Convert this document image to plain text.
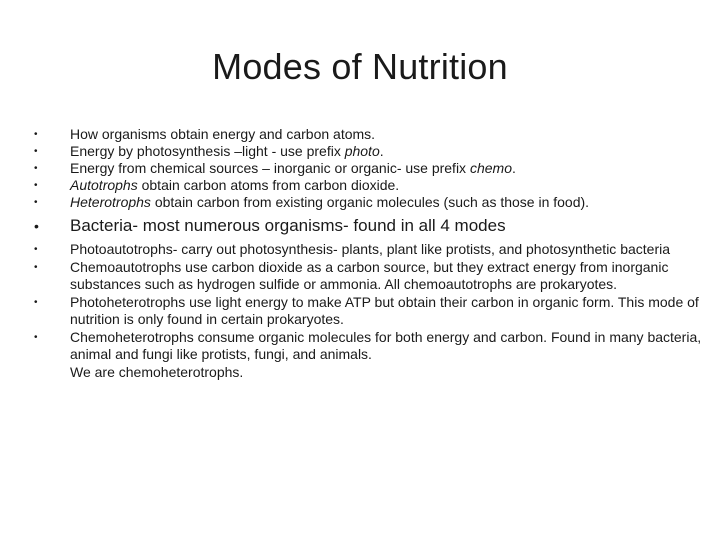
Modes of Nutrition

•	How organisms obtain energy and carbon atoms.

•	Energy by photosynthesis –light - use prefix photo.

•	Energy from chemical sources – inorganic or organic- use prefix chemo.

•	Autotrophs obtain carbon atoms from carbon dioxide.

•	Heterotrophs obtain carbon from existing organic molecules (such as those in food).

•	Bacteria- most numerous organisms- found in all 4 modes

•	Photoautotrophs- carry out photosynthesis- plants, plant like protists, and photosynthetic bacteria

•	Chemoautotrophs use carbon dioxide as a carbon source, but they extract energy from inorganic substances such as hydrogen sulfide or ammonia. All chemoautotrophs are prokaryotes.

•	Photoheterotrophs use light energy to make ATP but obtain their carbon in organic form. This mode of nutrition is only found in certain prokaryotes.

•	Chemoheterotrophs consume organic molecules for both energy and carbon. Found in many bacteria, animal and fungi like protists, fungi, and animals.
We are chemoheterotrophs.
